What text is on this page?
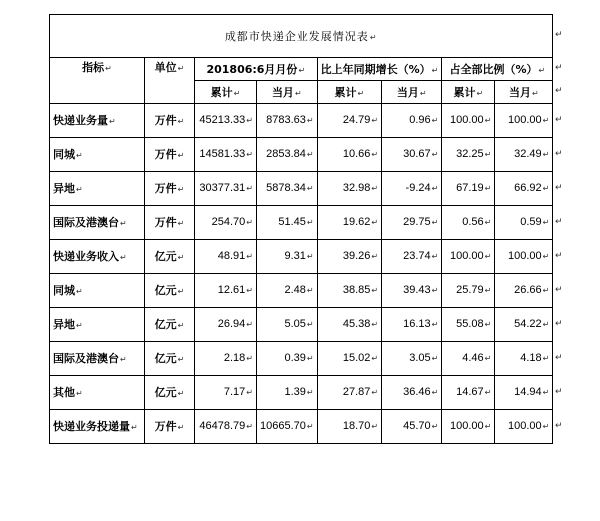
成都市快递企业发展情况表↵							
指标↵	单位↵	201806:6月月份↵		比上年同期增长（%）↵		占全部比例（%）↵	
		累计↵	当月↵	累计↵	当月↵	累计↵	当月↵
快递业务量↵	万件↵	45213.33↵	8783.63↵	24.79↵	0.96↵	100.00↵	100.00↵
同城↵	万件↵	14581.33↵	2853.84↵	10.66↵	30.67↵	32.25↵	32.49↵
异地↵	万件↵	30377.31↵	5878.34↵	32.98↵	-9.24↵	67.19↵	66.92↵
国际及港澳台↵	万件↵	254.70↵	51.45↵	19.62↵	29.75↵	0.56↵	0.59↵
快递业务收入↵	亿元↵	48.91↵	9.31↵	39.26↵	23.74↵	100.00↵	100.00↵
同城↵	亿元↵	12.61↵	2.48↵	38.85↵	39.43↵	25.79↵	26.66↵
异地↵	亿元↵	26.94↵	5.05↵	45.38↵	16.13↵	55.08↵	54.22↵
国际及港澳台↵	亿元↵	2.18↵	0.39↵	15.02↵	3.05↵	4.46↵	4.18↵
其他↵	亿元↵	7.17↵	1.39↵	27.87↵	36.46↵	14.67↵	14.94↵
快递业务投递量↵	万件↵	46478.79↵	10665.70↵	18.70↵	45.70↵	100.00↵	100.00↵
↵
↵
↵
↵
↵
↵
↵
↵
↵
↵
↵
↵
↵
